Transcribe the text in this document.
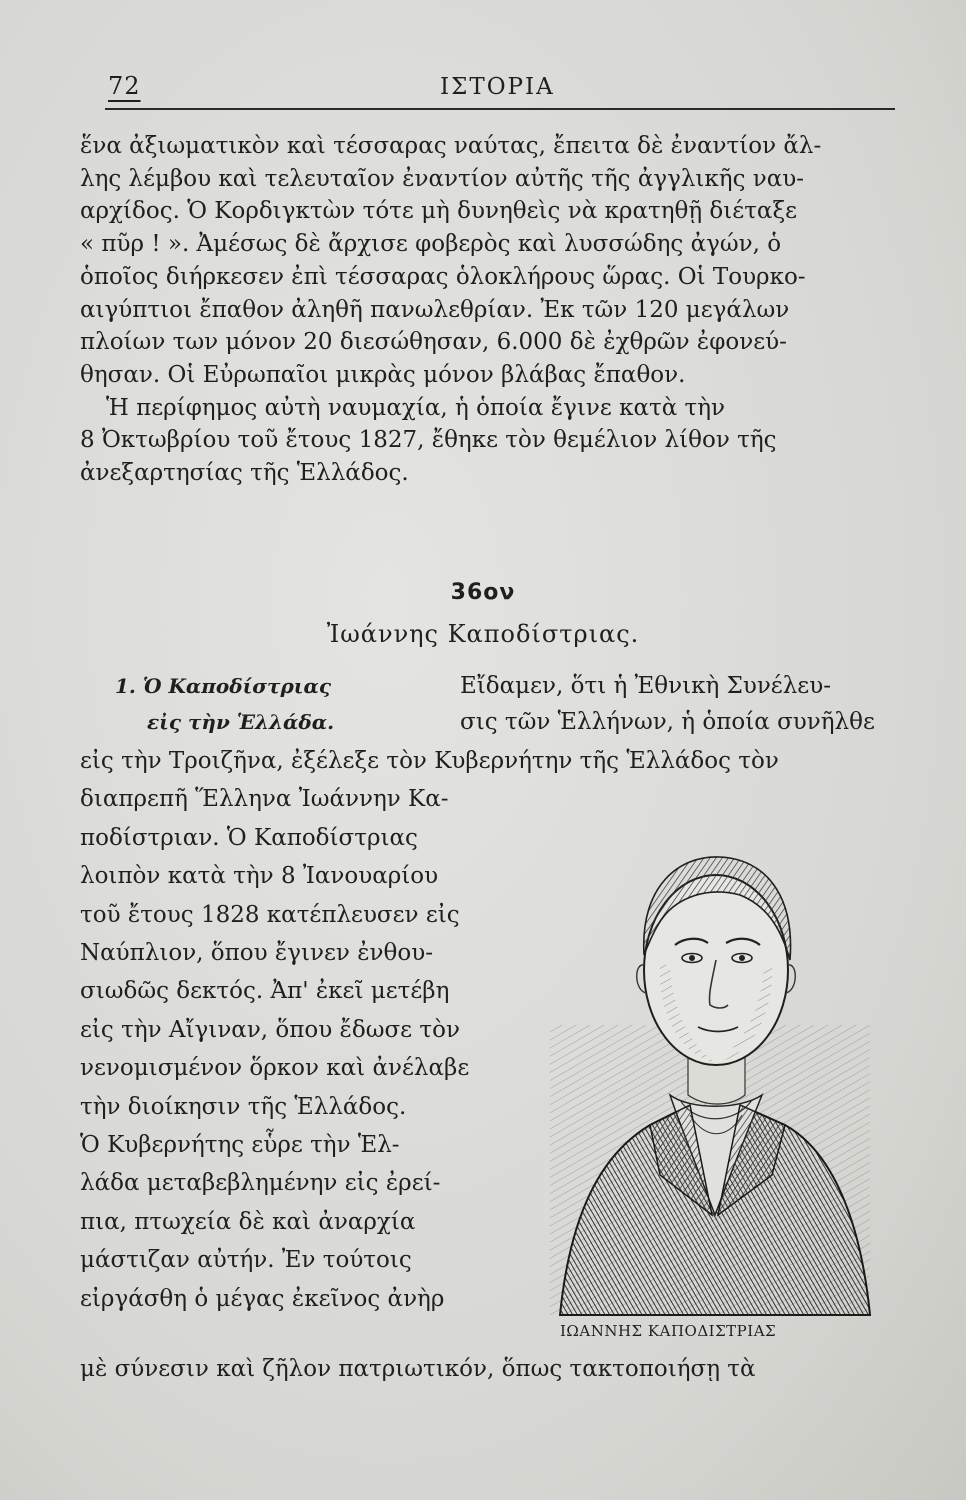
72	ΙΣΤΟΡΙΑ
ἕνα ἀξιωματικὸν καὶ τέσσαρας ναύτας, ἔπειτα δὲ ἐναντίον ἄλ-
λης λέμβου καὶ τελευταῖον ἐναντίον αὐτῆς τῆς ἀγγλικῆς ναυ-
αρχίδος. Ὁ Κορδιγκτὼν τότε μὴ δυνηθεὶς νὰ κρατηθῇ διέταξε
« πῦρ ! ». Ἀμέσως δὲ ἄρχισε φοβερὸς καὶ λυσσώδης ἀγών, ὁ
ὁποῖος διήρκεσεν ἐπὶ τέσσαρας ὁλοκλήρους ὥρας. Οἱ Τουρκο-
αιγύπτιοι ἔπαθον ἀληθῆ πανωλεθρίαν. Ἐκ τῶν 120 μεγάλων
πλοίων των μόνον 20 διεσώθησαν, 6.000 δὲ ἐχθρῶν ἐφονεύ-
θησαν. Οἱ Εὐρωπαῖοι μικρὰς μόνον βλάβας ἔπαθον.
Ἡ περίφημος αὐτὴ ναυμαχία, ἡ ὁποία ἔγινε κατὰ τὴν
8 Ὀκτωβρίου τοῦ ἔτους 1827, ἔθηκε τὸν θεμέλιον λίθον τῆς
ἀνεξαρτησίας τῆς Ἑλλάδος.
36ον
Ἰωάννης Καποδίστριας.
1. Ὁ Καποδίστριας
εἰς τὴν Ἑλλάδα.
Εἴδαμεν, ὅτι ἡ Ἐθνικὴ Συνέλευ-
σις τῶν Ἑλλήνων, ἡ ὁποία συνῆλθε
εἰς τὴν Τροιζῆνα, ἐξέλεξε τὸν Κυβερνήτην τῆς Ἑλλάδος τὸν
διαπρεπῆ Ἕλληνα Ἰωάννην Κα-
ποδίστριαν. Ὁ Καποδίστριας
λοιπὸν κατὰ τὴν 8 Ἰανουαρίου
τοῦ ἔτους 1828 κατέπλευσεν εἰς
Ναύπλιον, ὅπου ἔγινεν ἐνθου-
σιωδῶς δεκτός. Ἀπ' ἐκεῖ μετέβη
εἰς τὴν Αἴγιναν, ὅπου ἔδωσε τὸν
νενομισμένον ὅρκον καὶ ἀνέλαβε
τὴν διοίκησιν τῆς Ἑλλάδος.
Ὁ Κυβερνήτης εὗρε τὴν Ἑλ-
λάδα μεταβεβλημένην εἰς ἐρεί-
πια, πτωχεία δὲ καὶ ἀναρχία
μάστιζαν αὐτήν. Ἐν τούτοις
εἰργάσθη ὁ μέγας ἐκεῖνος ἀνὴρ
ΙΩΑΝΝΗΣ ΚΑΠΟΔΙΣΤΡΙΑΣ
μὲ σύνεσιν καὶ ζῆλον πατριωτικόν, ὅπως τακτοποιήσῃ τὰ
